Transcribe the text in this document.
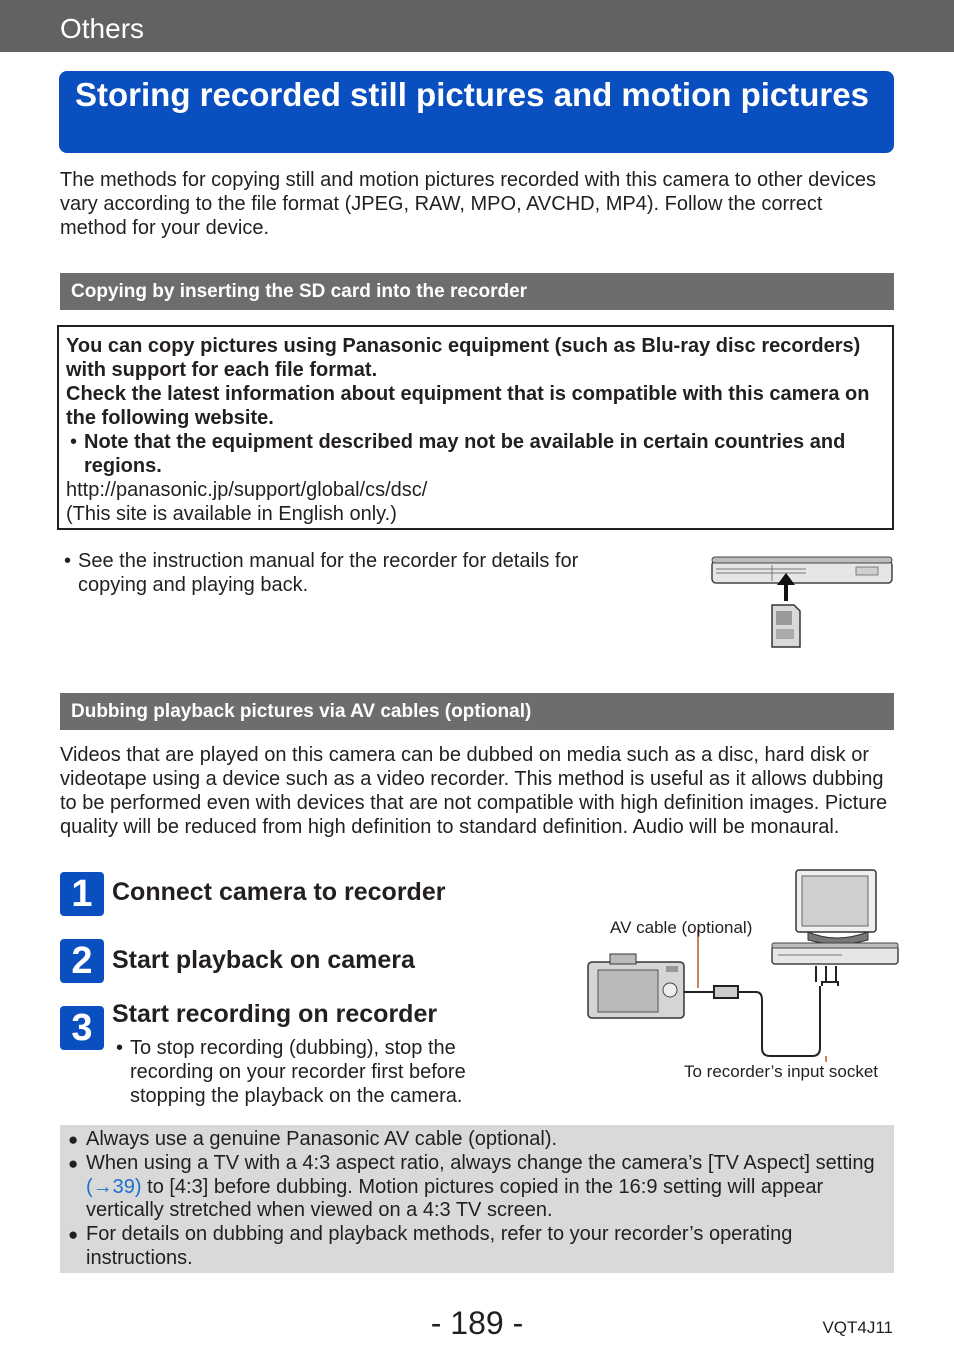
Others
Storing recorded still pictures and motion pictures
The methods for copying still and motion pictures recorded with this camera to other devices vary according to the file format (JPEG, RAW, MPO, AVCHD, MP4). Follow the correct method for your device.
Copying by inserting the SD card into the recorder
You can copy pictures using Panasonic equipment (such as Blu-ray disc recorders) with support for each file format.
Check the latest information about equipment that is compatible with this camera on the following website.
• Note that the equipment described may not be available in certain countries and regions.
http://panasonic.jp/support/global/cs/dsc/
(This site is available in English only.)
• See the instruction manual for the recorder for details for copying and playing back.
Dubbing playback pictures via AV cables (optional)
Videos that are played on this camera can be dubbed on media such as a disc, hard disk or videotape using a device such as a video recorder. This method is useful as it allows dubbing to be performed even with devices that are not compatible with high definition images. Picture quality will be reduced from high definition to standard definition. Audio will be monaural.
1 Connect camera to recorder
2 Start playback on camera
3 Start recording on recorder
• To stop recording (dubbing), stop the recording on your recorder first before stopping the playback on the camera.
AV cable (optional)
To recorder’s input socket
● Always use a genuine Panasonic AV cable (optional).
● When using a TV with a 4:3 aspect ratio, always change the camera’s [TV Aspect] setting (→39) to [4:3] before dubbing. Motion pictures copied in the 16:9 setting will appear vertically stretched when viewed on a 4:3 TV screen.
● For details on dubbing and playback methods, refer to your recorder’s operating instructions.
- 189 -	VQT4J11
